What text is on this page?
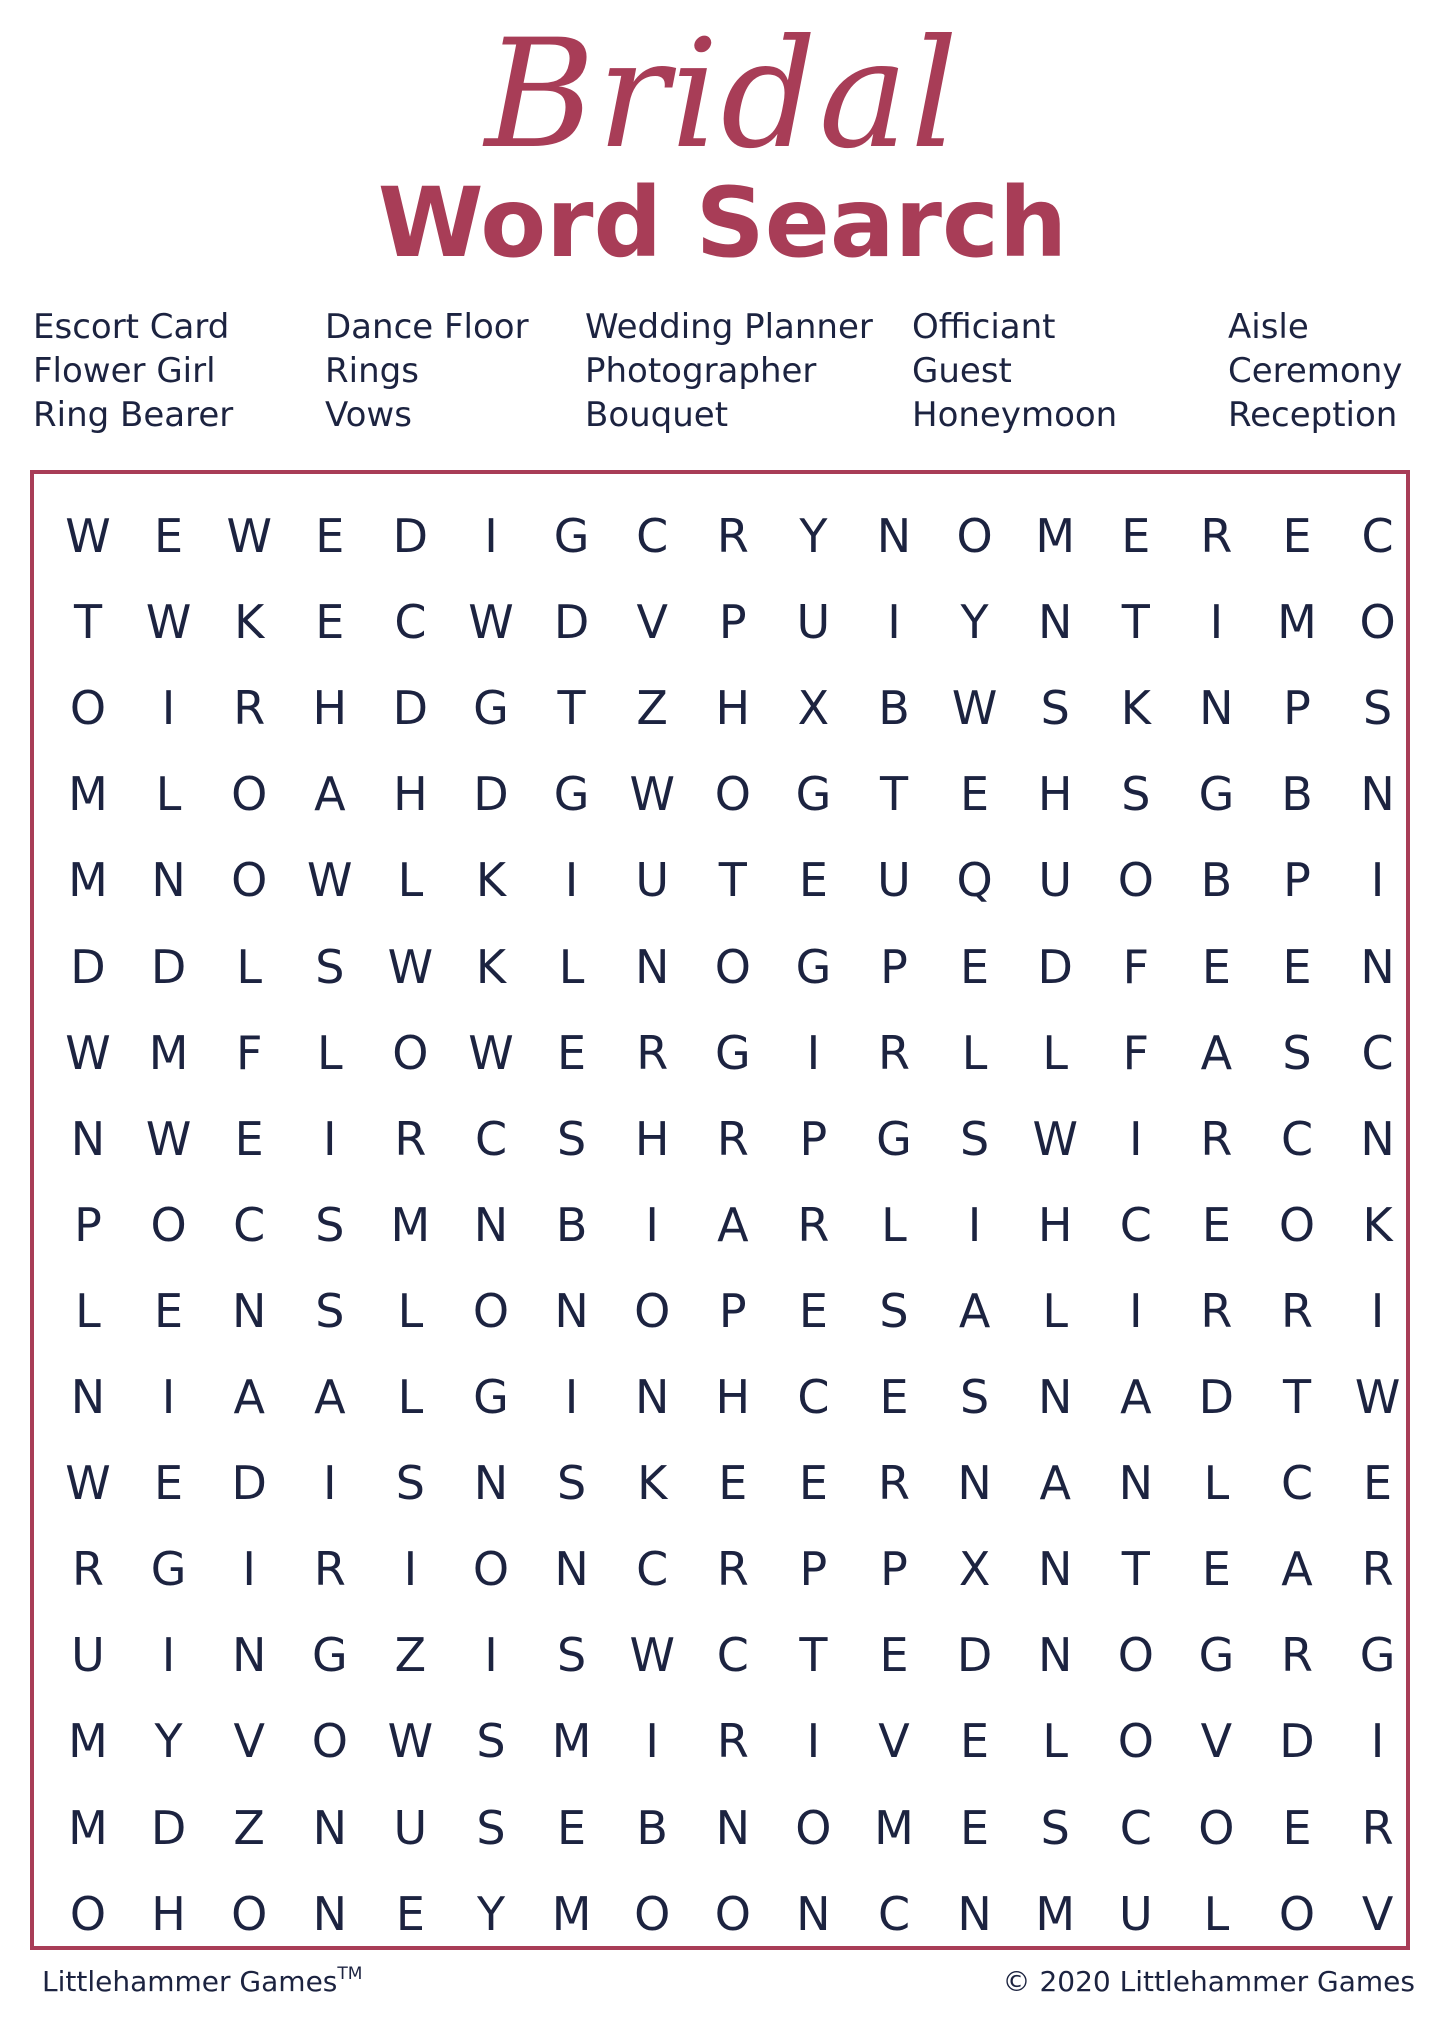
Bridal
Word Search
Escort Card
Flower Girl
Ring Bearer
Dance Floor
Rings
Vows
Wedding Planner
Photographer
Bouquet
Officiant
Guest
Honeymoon
Aisle
Ceremony
Reception
W E W E	D	I	G	C	R	Y	N O M	E	R	E	C
T W K	E	C W D	V	P	U	I	Y	N	T	I	M O
O	I	R	H D G	T	Z	H	X	B W S	K	N	P	S
M	L	O	A	H D G W O G	T	E	H	S	G	B	N
M N O W L	K	I	U	T	E	U Q U O	B	P	I
D D	L	S W K	L	N O G	P	E	D	F	E	E	N
W M	F	L	O W E	R	G	I	R	L	L	F	A	S	C
N W E	I	R	C	S	H	R	P	G	S W	I	R	C	N
P	O	C	S	M N	B	I	A	R	L	I	H	C	E	O	K
L	E	N	S	L	O N O	P	E	S	A	L	I	R	R	I
N	I	A	A	L	G	I	N	H	C	E	S	N	A	D	T W
W E	D	I	S	N	S	K	E	E	R	N	A	N	L	C	E
R	G	I	R	I	O N	C	R	P	P	X	N	T	E	A	R
U	I	N G	Z	I	S W C	T	E	D N O G	R	G
M	Y	V	O W S	M	I	R	I	V	E	L	O	V	D	I
M D	Z	N	U	S	E	B	N O M	E	S	C	O	E	R
O H O N	E	Y	M O O N	C	N M U	L	O	V
Littlehammer Games™	© 2020 Littlehammer Games
